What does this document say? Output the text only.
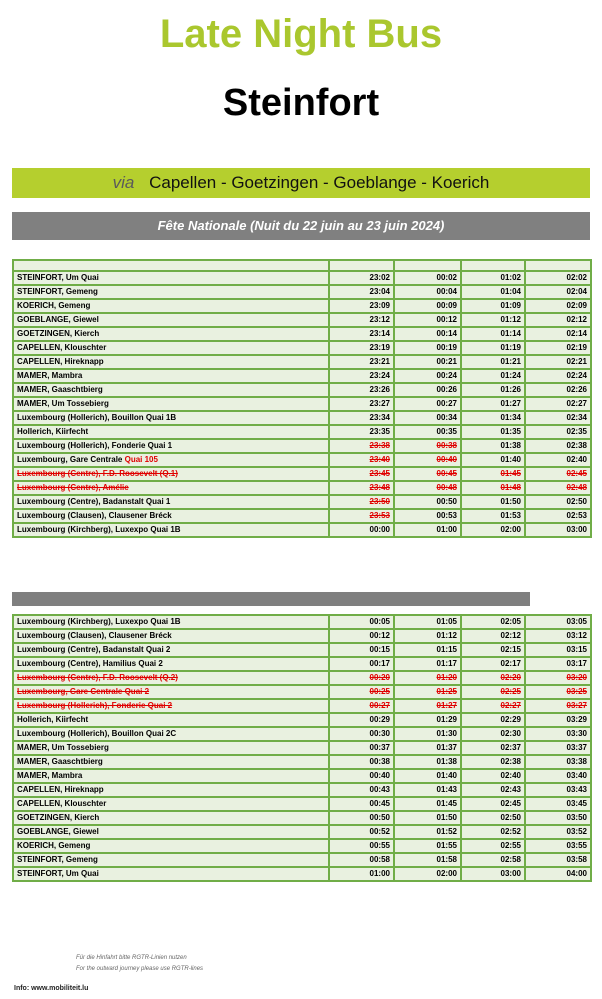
Late Night Bus
Steinfort
via Capellen - Goetzingen - Goeblange - Koerich
Fête Nationale (Nuit du 22 juin au 23 juin 2024)

STEINFORT, Um Quai	23:02	00:02	01:02	02:02
STEINFORT, Gemeng	23:04	00:04	01:04	02:04
KOERICH, Gemeng	23:09	00:09	01:09	02:09
GOEBLANGE, Giewel	23:12	00:12	01:12	02:12
GOETZINGEN, Kierch	23:14	00:14	01:14	02:14
CAPELLEN, Klouschter	23:19	00:19	01:19	02:19
CAPELLEN, Hireknapp	23:21	00:21	01:21	02:21
MAMER, Mambra	23:24	00:24	01:24	02:24
MAMER, Gaaschtbierg	23:26	00:26	01:26	02:26
MAMER, Um Tossebierg	23:27	00:27	01:27	02:27
Luxembourg (Hollerich), Bouillon Quai 1B	23:34	00:34	01:34	02:34
Hollerich, Kiirfecht	23:35	00:35	01:35	02:35
Luxembourg (Hollerich), Fonderie Quai 1	23:38	00:38	01:38	02:38
Luxembourg, Gare Centrale Quai 105	23:40	00:40	01:40	02:40
Luxembourg (Centre), F.D. Roosevelt (Q.1)	23:45	00:45	01:45	02:45
Luxembourg (Centre), Amélie	23:48	00:48	01:48	02:48
Luxembourg (Centre), Badanstalt Quai 1	23:50	00:50	01:50	02:50
Luxembourg (Clausen), Clausener Bréck	23:53	00:53	01:53	02:53
Luxembourg (Kirchberg), Luxexpo Quai 1B	00:00	01:00	02:00	03:00
Luxembourg (Kirchberg), Luxexpo Quai 1B	00:05	01:05	02:05	03:05
Luxembourg (Clausen), Clausener Bréck	00:12	01:12	02:12	03:12
Luxembourg (Centre), Badanstalt Quai 2	00:15	01:15	02:15	03:15
Luxembourg (Centre), Hamilius Quai 2	00:17	01:17	02:17	03:17
Luxembourg (Centre), F.D. Roosevelt (Q.2)	00:20	01:20	02:20	03:20
Luxembourg, Gare Centrale Quai 2	00:25	01:25	02:25	03:25
Luxembourg (Hollerich), Fonderie Quai 2	00:27	01:27	02:27	03:27
Hollerich, Kiirfecht	00:29	01:29	02:29	03:29
Luxembourg (Hollerich), Bouillon Quai 2C	00:30	01:30	02:30	03:30
MAMER, Um Tossebierg	00:37	01:37	02:37	03:37
MAMER, Gaaschtbierg	00:38	01:38	02:38	03:38
MAMER, Mambra	00:40	01:40	02:40	03:40
CAPELLEN, Hireknapp	00:43	01:43	02:43	03:43
CAPELLEN, Klouschter	00:45	01:45	02:45	03:45
GOETZINGEN, Kierch	00:50	01:50	02:50	03:50
GOEBLANGE, Giewel	00:52	01:52	02:52	03:52
KOERICH, Gemeng	00:55	01:55	02:55	03:55
STEINFORT, Gemeng	00:58	01:58	02:58	03:58
STEINFORT, Um Quai	01:00	02:00	03:00	04:00
Für die Hinfahrt bitte RGTR-Linien nutzen
For the outward journey please use RGTR-lines
Info: www.mobiliteit.lu
